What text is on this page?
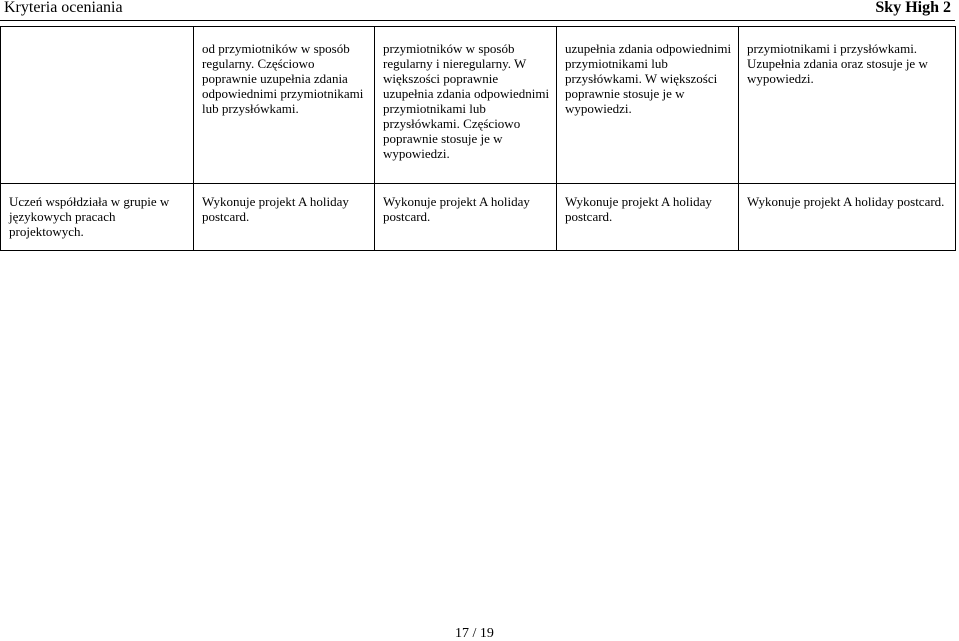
Kryteria oceniania	Sky High 2
	od przymiotników w sposób regularny. Częściowo poprawnie uzupełnia zdania odpowiednimi przymiotnikami lub przysłówkami.	przymiotników w sposób regularny i nieregularny. W większości poprawnie uzupełnia zdania odpowiednimi przymiotnikami lub przysłówkami. Częściowo poprawnie stosuje je w wypowiedzi.	uzupełnia zdania odpowiednimi przymiotnikami lub przysłówkami. W większości poprawnie stosuje je w wypowiedzi.	przymiotnikami i przysłówkami. Uzupełnia zdania oraz stosuje je w wypowiedzi.
Uczeń współdziała w grupie w językowych pracach projektowych.	Wykonuje projekt A holiday postcard.	Wykonuje projekt A holiday postcard.	Wykonuje projekt A holiday postcard.	Wykonuje projekt A holiday postcard.
17 / 19
